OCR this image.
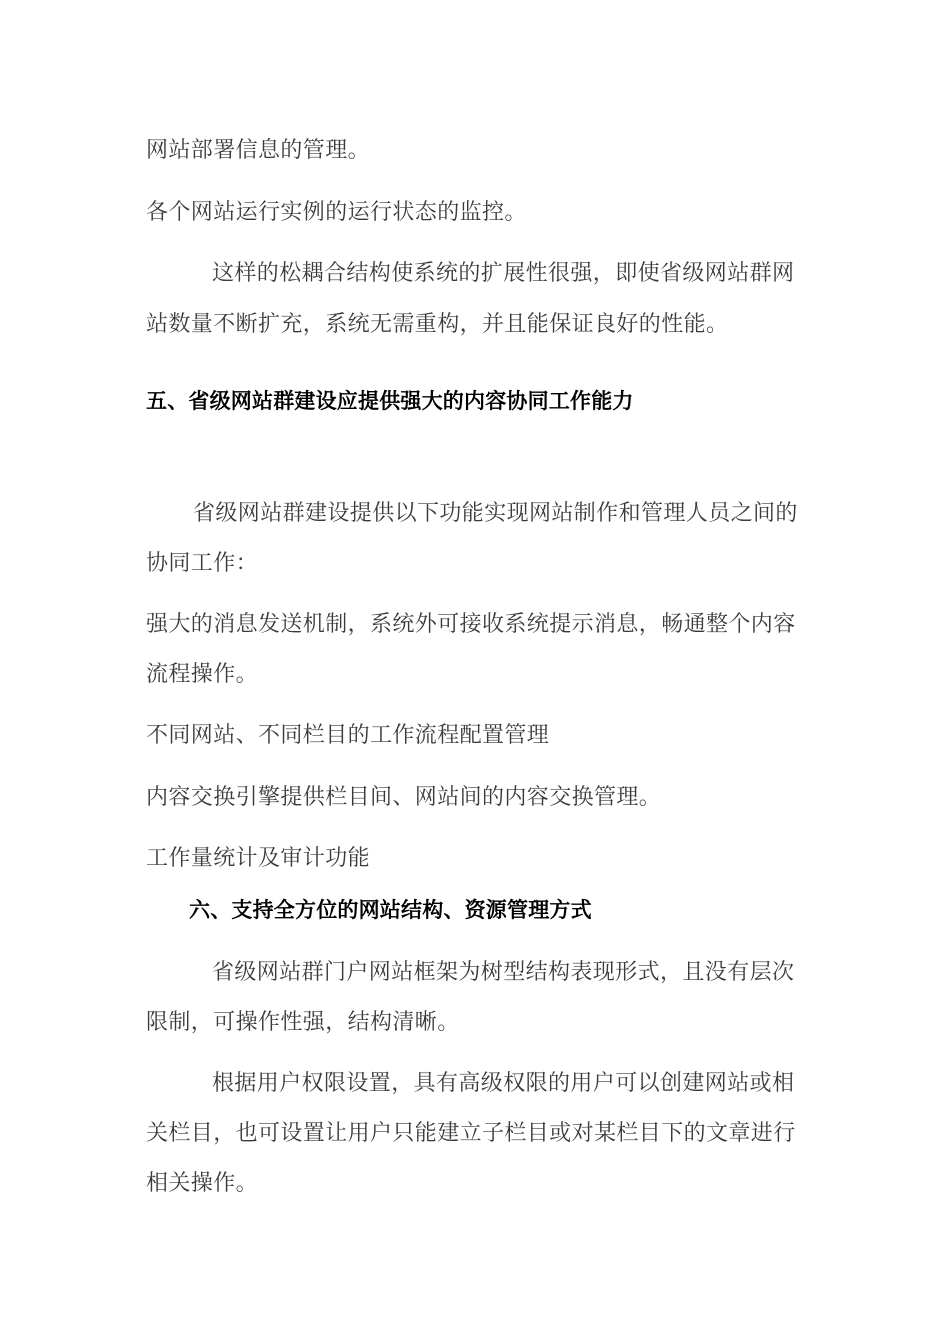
网站部署信息的管理。
各个网站运行实例的运行状态的监控。
这样的松耦合结构使系统的扩展性很强，即使省级网站群网
站数量不断扩充，系统无需重构，并且能保证良好的性能。
五、省级网站群建设应提供强大的内容协同工作能力
省级网站群建设提供以下功能实现网站制作和管理人员之间的
协同工作：
强大的消息发送机制，系统外可接收系统提示消息，畅通整个内容
流程操作。
不同网站、不同栏目的工作流程配置管理
内容交换引擎提供栏目间、网站间的内容交换管理。
工作量统计及审计功能
六、支持全方位的网站结构、资源管理方式
省级网站群门户网站框架为树型结构表现形式，且没有层次
限制，可操作性强，结构清晰。
根据用户权限设置，具有高级权限的用户可以创建网站或相
关栏目，也可设置让用户只能建立子栏目或对某栏目下的文章进行
相关操作。
